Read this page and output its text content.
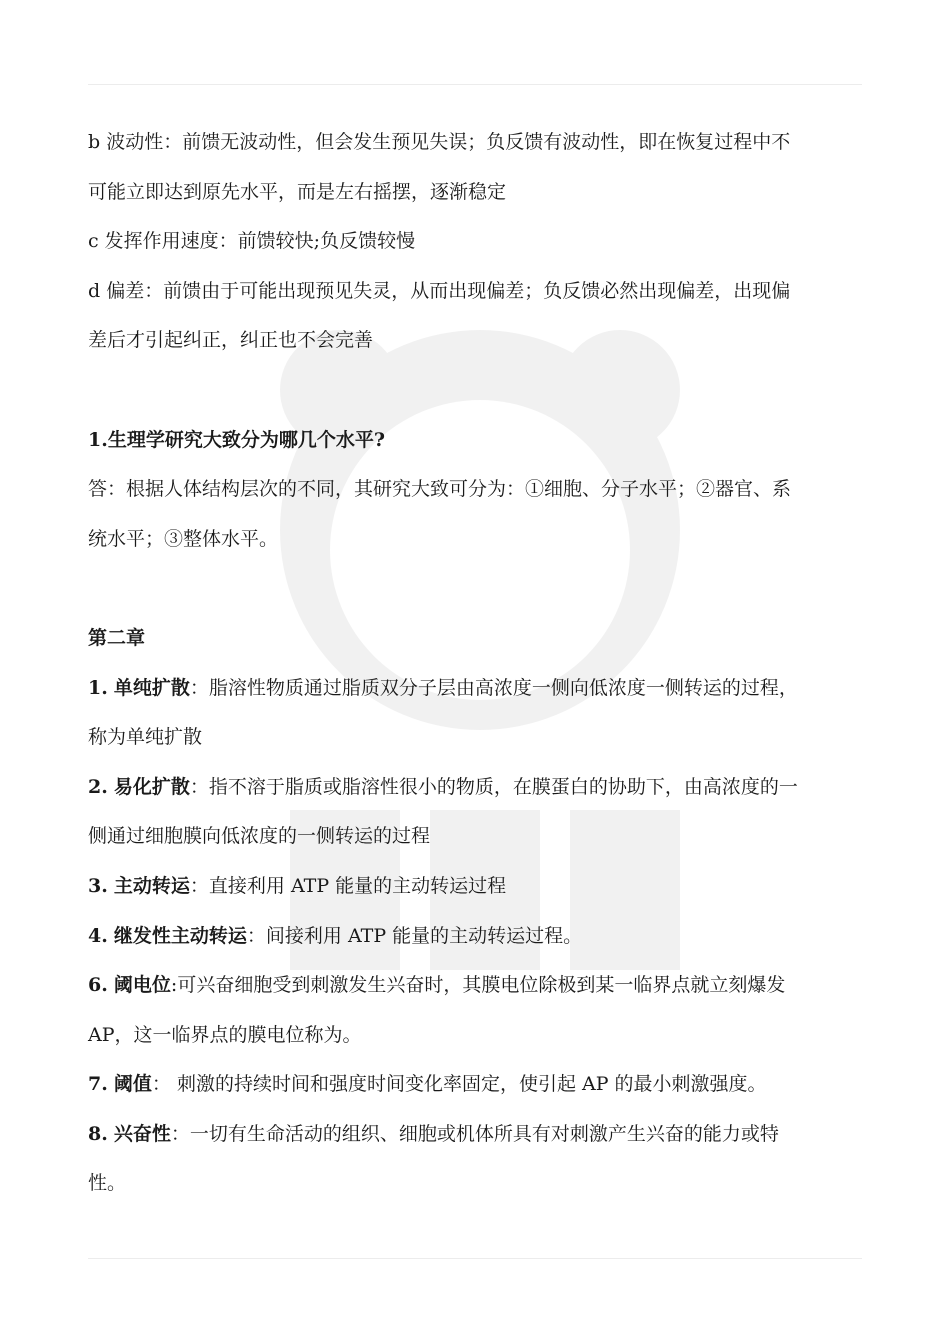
b 波动性：前馈无波动性，但会发生预见失误；负反馈有波动性，即在恢复过程中不

可能立即达到原先水平，而是左右摇摆，逐渐稳定

c 发挥作用速度：前馈较快;负反馈较慢

d 偏差：前馈由于可能出现预见失灵，从而出现偏差；负反馈必然出现偏差，出现偏

差后才引起纠正，纠正也不会完善

1.生理学研究大致分为哪几个水平?

答：根据人体结构层次的不同，其研究大致可分为：①细胞、分子水平；②器官、系

统水平；③整体水平。

第二章

1. 单纯扩散：脂溶性物质通过脂质双分子层由高浓度一侧向低浓度一侧转运的过程，

称为单纯扩散

2. 易化扩散：指不溶于脂质或脂溶性很小的物质，在膜蛋白的协助下，由高浓度的一

侧通过细胞膜向低浓度的一侧转运的过程

3. 主动转运：直接利用 ATP 能量的主动转运过程

4. 继发性主动转运：间接利用 ATP 能量的主动转运过程。

6. 阈电位:可兴奋细胞受到刺激发生兴奋时，其膜电位除极到某一临界点就立刻爆发

AP，这一临界点的膜电位称为。

7. 阈值： 刺激的持续时间和强度时间变化率固定，使引起 AP 的最小刺激强度。

8. 兴奋性：一切有生命活动的组织、细胞或机体所具有对刺激产生兴奋的能力或特

性。
